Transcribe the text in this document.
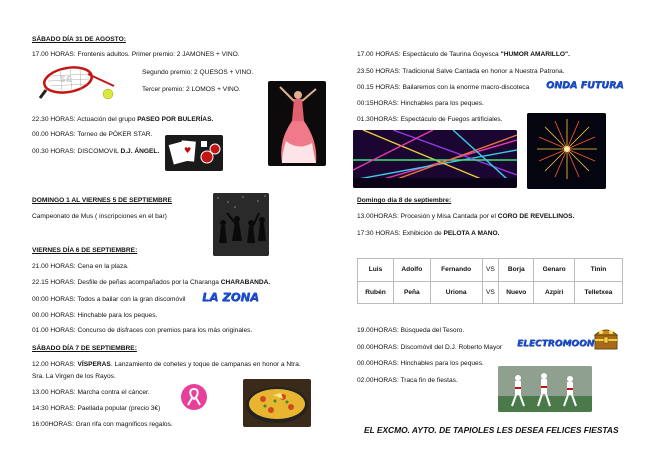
SÁBADO DÍA 31 DE AGOSTO:
17.00 HORAS: Frontenis adultos. Primer premio: 2 JAMONES + VINO.
Segundo premio: 2 QUESOS + VINO.
Tercer premio: 2 LOMOS + VINO.
S&
22.30 HORAS: Actuación del grupo PASEO POR BULERÍAS.
00.00 HORAS: Torneo de PÓKER STAR.
00.30 HORAS: DISCOMOVIL D.J. ÁNGEL.	♥
DOMINGO 1 AL VIERNES 5 DE SEPTIEMBRE
Campeonato de Mus ( inscripciones en el bar)
VIERNES DÍA 6 DE SEPTIEMBRE:
21.00 HORAS: Cena en la plaza.
22.15 HORAS: Desfile de peñas acompañados por la Charanga CHARABANDA.
00:00 HORAS: Todos a bailar con la gran discomóvil LA ZONA
00.00 HORAS: Hinchable para los peques.
01.00 HORAS: Concurso de disfraces con premios para los más originales.
SÁBADO DÍA 7 DE SEPTIEMBRE:
12.00 HORAS: VÍSPERAS. Lanzamiento de cohetes y toque de campanas en honor a Ntra.
Sra. La Virgen de los Rayos.
13.00 HORAS: Marcha contra el cáncer.
14:30 HORAS: Paellada popular (precio 3€)
16:00HORAS: Gran rifa con magníficos regalos.
17.00 HORAS: Espectáculo de Taurina Goyesca "HUMOR AMARILLO".
23.50 HORAS: Tradicional Salve Cantada en honor a Nuestra Patrona.
00.15 HORAS: Bailaremos con la enorme macro-discoteca ONDA FUTURA
00:15HORAS: Hinchables para los peques.
01.30HORAS: Espectáculo de Fuegos artificiales.
Domingo día 8 de septiembre:
13.00HORAS: Procesión y Misa Cantada por el CORO DE REVELLINOS.
17:30 HORAS: Exhibición de PELOTA A MANO.
Luis	Adolfo	Fernando	VS	Borja	Genaro	Tinin
Rubén	Peña	Uriona	VS	Nuevo	Azpiri	Telletxea
19.00HORAS: Búsqueda del Tesoro.
00.00HORAS: Discomóvil del D.J. Roberto Mayor ELECTROMOON
00.00HORAS: Hinchables para los peques.
02.00HORAS: Traca fin de fiestas.
EL EXCMO. AYTO. DE TAPIOLES LES DESEA FELICES FIESTAS
